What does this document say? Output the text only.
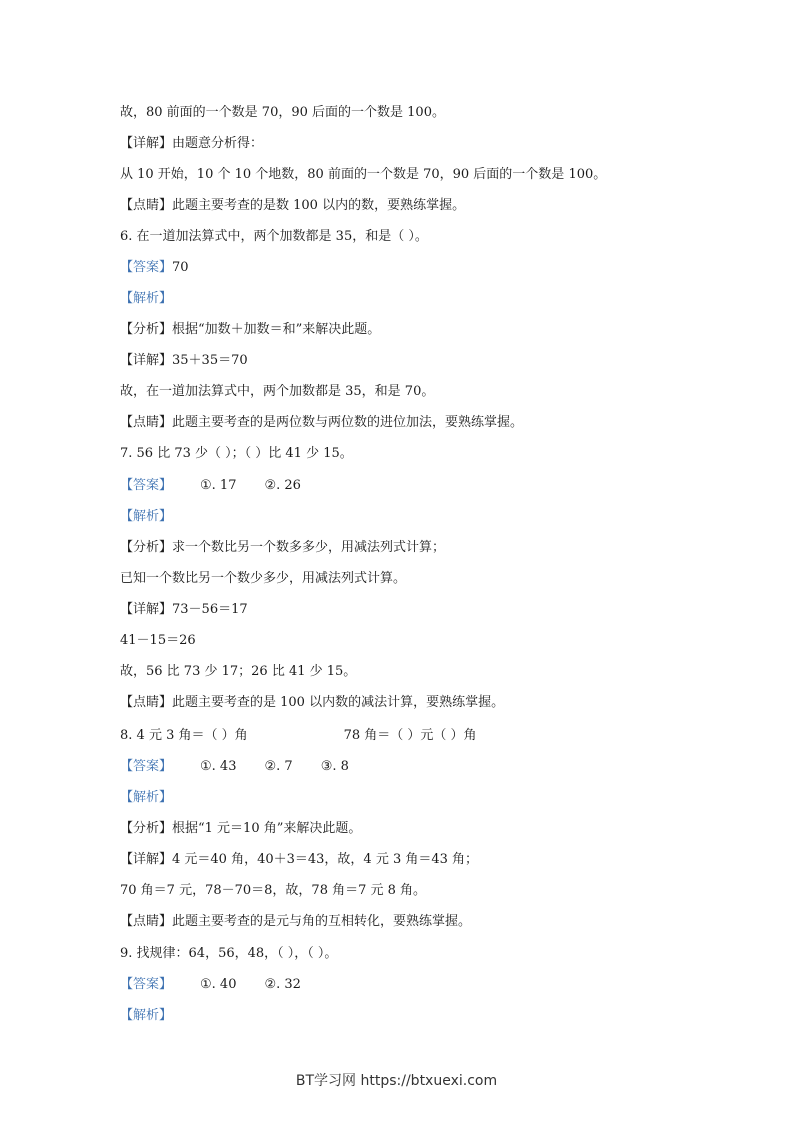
故，80 前面的一个数是 70，90 后面的一个数是 100。
【详解】由题意分析得：
从 10 开始，10 个 10 个地数，80 前面的一个数是 70，90 后面的一个数是 100。
【点睛】此题主要考查的是数 100 以内的数，要熟练掌握。
6. 在一道加法算式中，两个加数都是 35，和是（ ）。
【答案】 70
【解析】
【分析】根据“加数＋加数＝和”来解决此题。
【详解】35＋35＝70
故，在一道加法算式中，两个加数都是 35，和是 70。
【点睛】此题主要考查的是两位数与两位数的进位加法，要熟练掌握。
7. 56 比 73 少（ ）；（ ）比 41 少 15。
【答案】 ①. 17 ②. 26
【解析】
【分析】求一个数比另一个数多多少，用减法列式计算；
已知一个数比另一个数少多少，用减法列式计算。
【详解】73－56＝17
41－15＝26
故，56 比 73 少 17；26 比 41 少 15。
【点睛】此题主要考查的是 100 以内数的减法计算，要熟练掌握。
8. 4 元 3 角＝（ ）角	78 角＝（ ）元（ ）角
【答案】 ①. 43 ②. 7 ③. 8
【解析】
【分析】根据“1 元＝10 角”来解决此题。
【详解】4 元＝40 角，40＋3＝43，故，4 元 3 角＝43 角；
70 角＝7 元，78－70＝8，故，78 角＝7 元 8 角。
【点睛】此题主要考查的是元与角的互相转化，要熟练掌握。
9. 找规律：64，56，48，（ ），（ ）。
【答案】 ①. 40 ②. 32
【解析】
BT学习网 https://btxuexi.com
